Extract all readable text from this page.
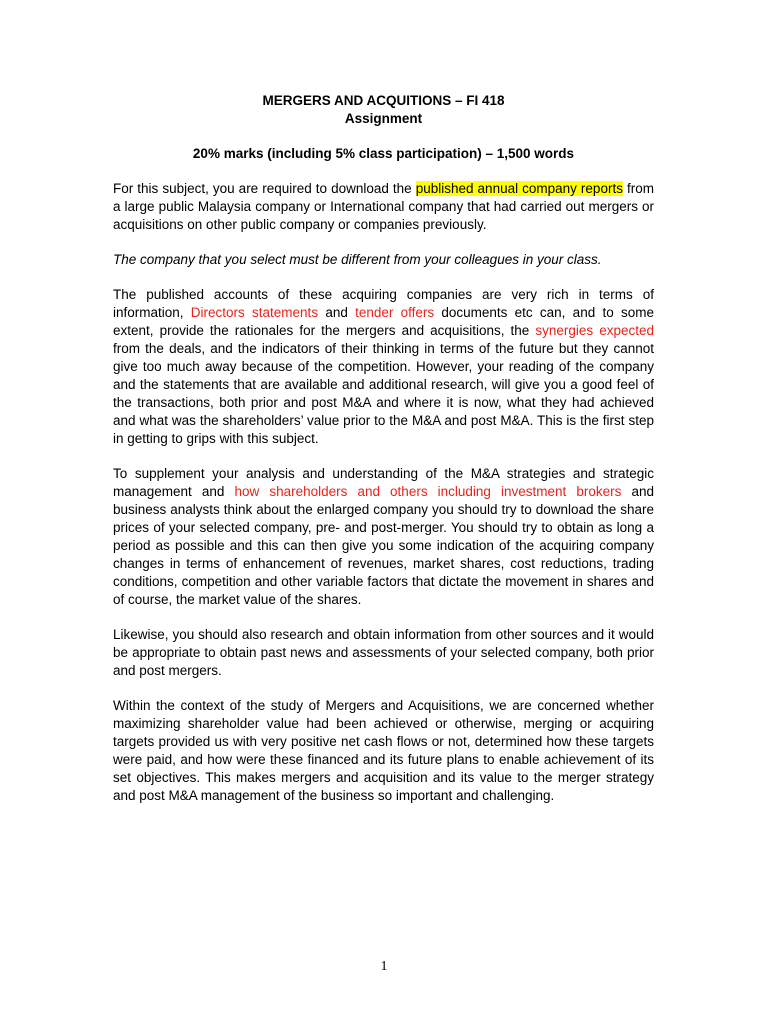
MERGERS AND ACQUITIONS – FI 418

Assignment

20% marks (including 5% class participation) – 1,500 words

For this subject, you are required to download the published annual company reports from a large public Malaysia company or International company that had carried out mergers or acquisitions on other public company or companies previously.

The company that you select must be different from your colleagues in your class.

The published accounts of these acquiring companies are very rich in terms of information, Directors statements and tender offers documents etc can, and to some extent, provide the rationales for the mergers and acquisitions, the synergies expected from the deals, and the indicators of their thinking in terms of the future but they cannot give too much away because of the competition. However, your reading of the company and the statements that are available and additional research, will give you a good feel of the transactions, both prior and post M&A and where it is now, what they had achieved and what was the shareholders’ value prior to the M&A and post M&A. This is the first step in getting to grips with this subject.

To supplement your analysis and understanding of the M&A strategies and strategic management and how shareholders and others including investment brokers and business analysts think about the enlarged company you should try to download the share prices of your selected company, pre- and post-merger. You should try to obtain as long a period as possible and this can then give you some indication of the acquiring company changes in terms of enhancement of revenues, market shares, cost reductions, trading conditions, competition and other variable factors that dictate the movement in shares and of course, the market value of the shares.

Likewise, you should also research and obtain information from other sources and it would be appropriate to obtain past news and assessments of your selected company, both prior and post mergers.

Within the context of the study of Mergers and Acquisitions, we are concerned whether maximizing shareholder value had been achieved or otherwise, merging or acquiring targets provided us with very positive net cash flows or not, determined how these targets were paid, and how were these financed and its future plans to enable achievement of its set objectives. This makes mergers and acquisition and its value to the merger strategy and post M&A management of the business so important and challenging.

1
